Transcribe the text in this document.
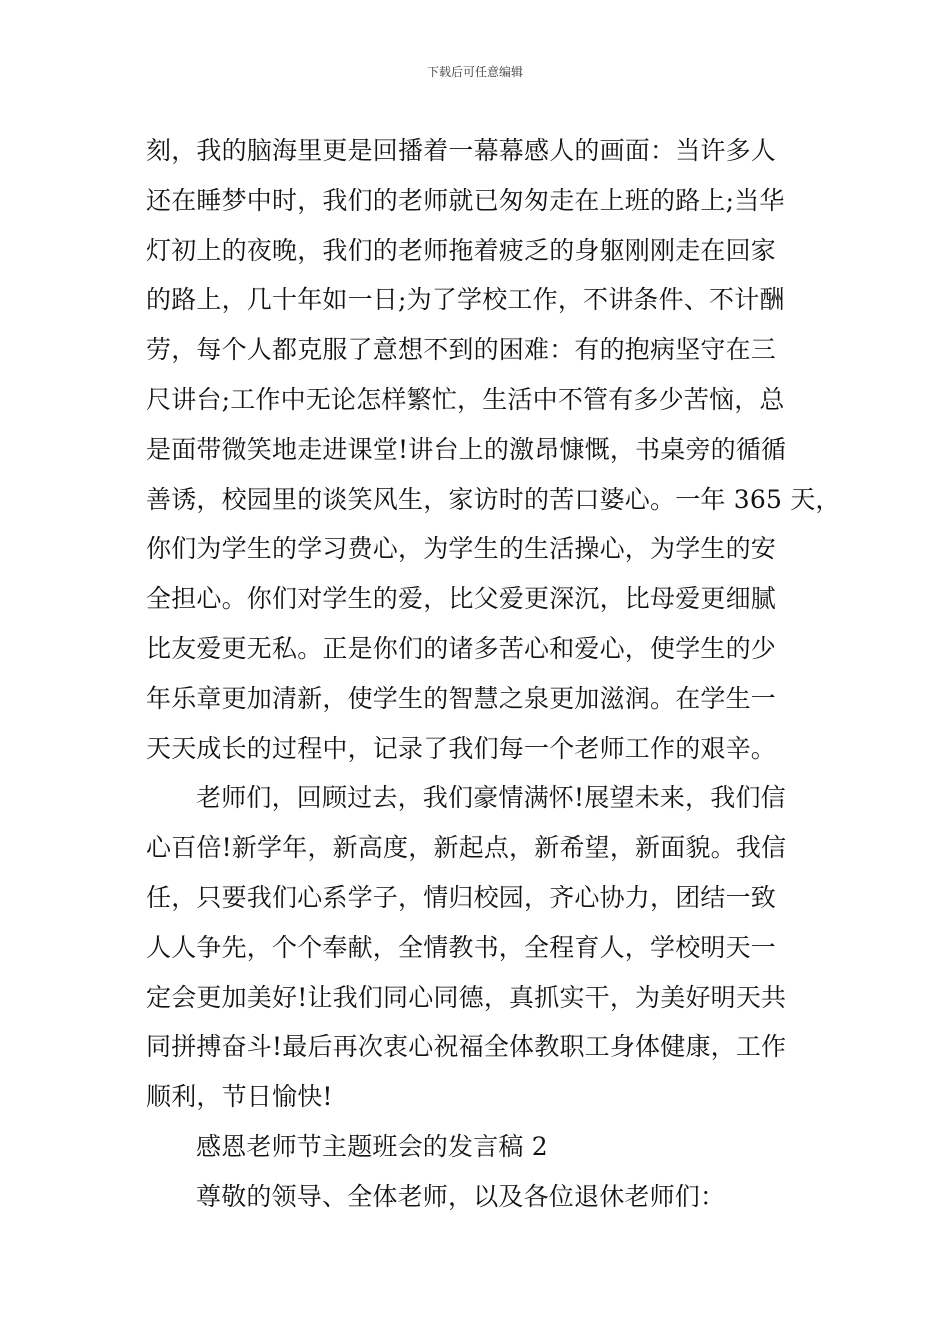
下载后可任意编辑
刻，我的脑海里更是回播着一幕幕感人的画面：当许多人
还在睡梦中时，我们的老师就已匆匆走在上班的路上;当华
灯初上的夜晚，我们的老师拖着疲乏的身躯刚刚走在回家
的路上，几十年如一日;为了学校工作，不讲条件、不计酬
劳，每个人都克服了意想不到的困难：有的抱病坚守在三
尺讲台;工作中无论怎样繁忙，生活中不管有多少苦恼，总
是面带微笑地走进课堂!讲台上的激昂慷慨，书桌旁的循循
善诱，校园里的谈笑风生，家访时的苦口婆心。一年 365 天，
你们为学生的学习费心，为学生的生活操心，为学生的安
全担心。你们对学生的爱，比父爱更深沉，比母爱更细腻
比友爱更无私。正是你们的诸多苦心和爱心，使学生的少
年乐章更加清新，使学生的智慧之泉更加滋润。在学生一
天天成长的过程中，记录了我们每一个老师工作的艰辛。
老师们，回顾过去，我们豪情满怀!展望未来，我们信
心百倍!新学年，新高度，新起点，新希望，新面貌。我信
任，只要我们心系学子，情归校园，齐心协力，团结一致
人人争先，个个奉献，全情教书，全程育人，学校明天一
定会更加美好!让我们同心同德，真抓实干，为美好明天共
同拼搏奋斗!最后再次衷心祝福全体教职工身体健康，工作
顺利，节日愉快!
感恩老师节主题班会的发言稿 2
尊敬的领导、全体老师，以及各位退休老师们：
